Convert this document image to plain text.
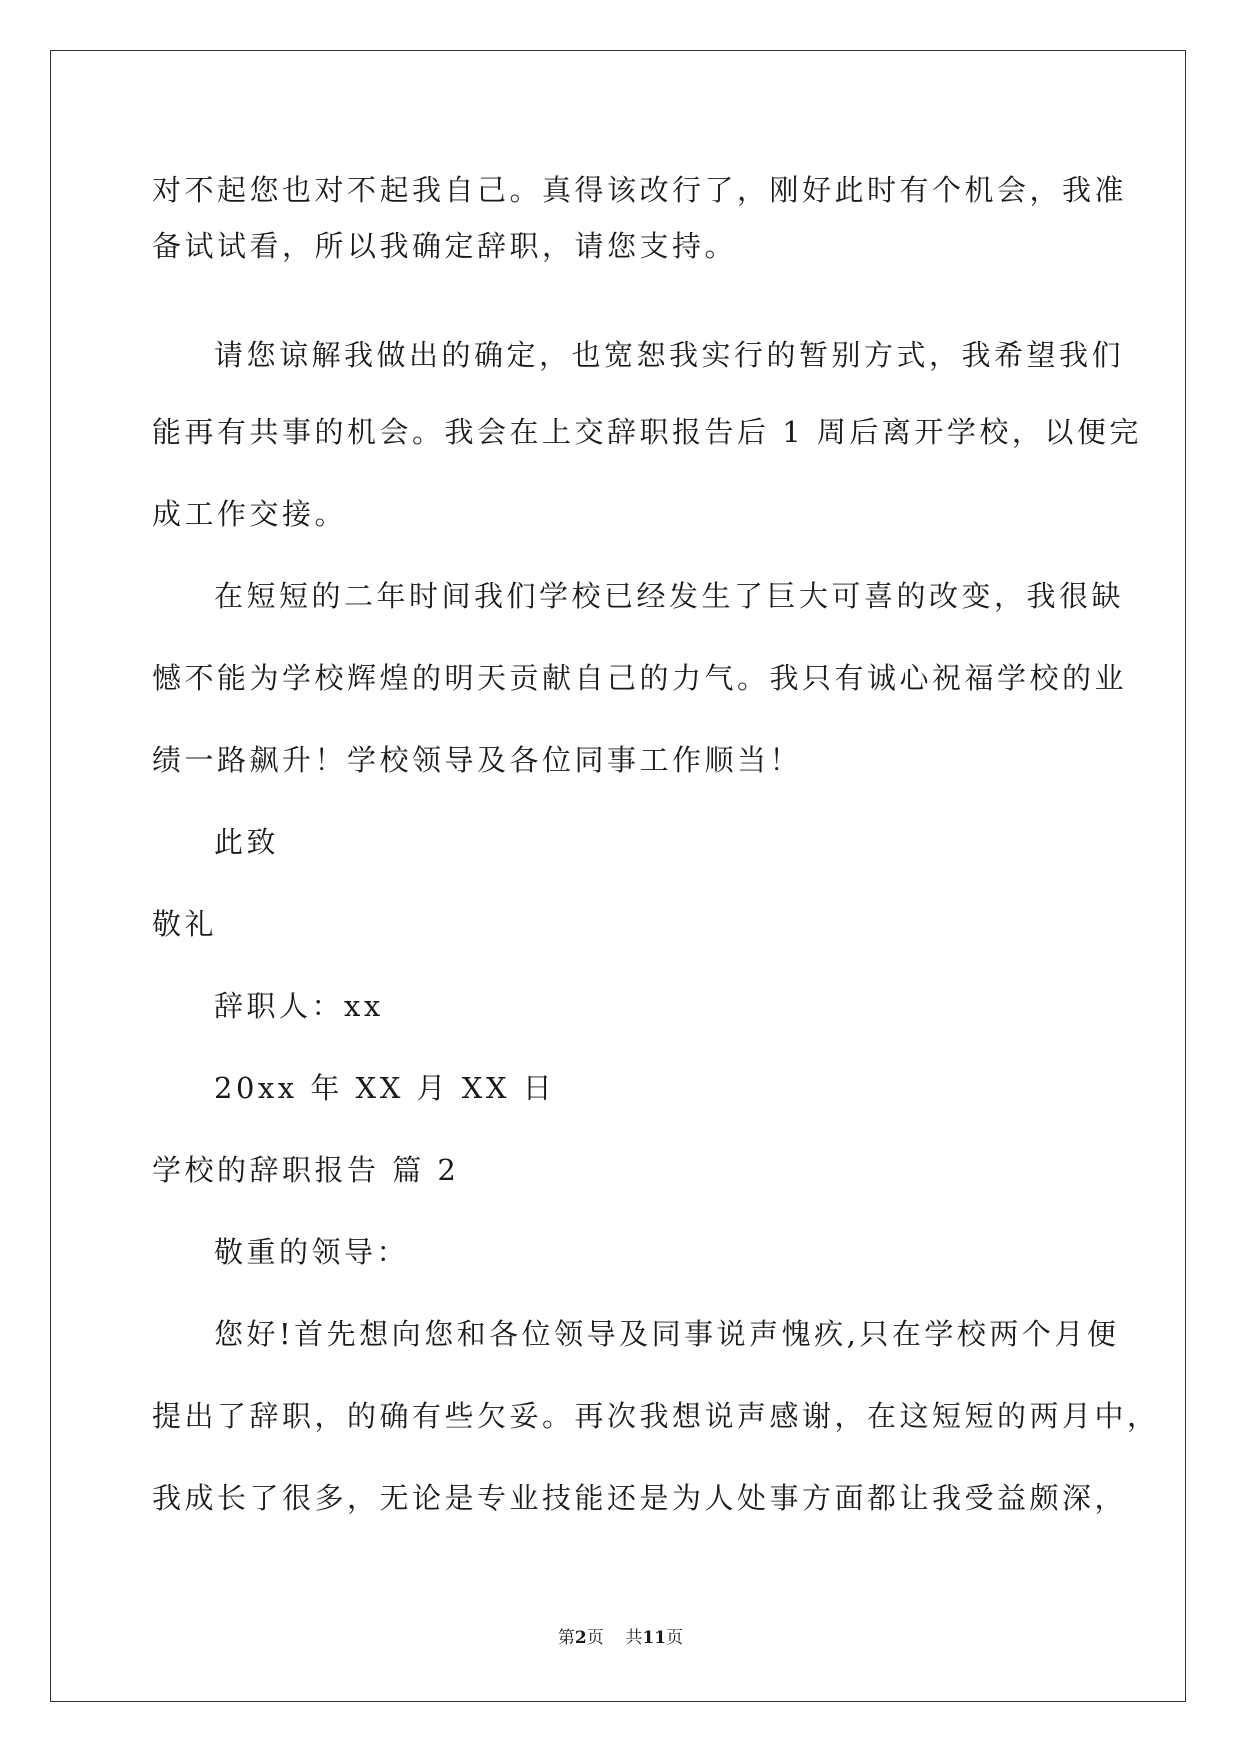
对不起您也对不起我自己。真得该改行了，刚好此时有个机会，我准
备试试看，所以我确定辞职，请您支持。
请您谅解我做出的确定，也宽恕我实行的暂别方式，我希望我们
能再有共事的机会。我会在上交辞职报告后 1 周后离开学校，以便完
成工作交接。
在短短的二年时间我们学校已经发生了巨大可喜的改变，我很缺
憾不能为学校辉煌的明天贡献自己的力气。我只有诚心祝福学校的业
绩一路飙升！学校领导及各位同事工作顺当！
此致
敬礼
辞职人：xx
20xx 年 XX 月 XX 日
学校的辞职报告 篇 2
敬重的领导：
您好!首先想向您和各位领导及同事说声愧疚,只在学校两个月便
提出了辞职，的确有些欠妥。再次我想说声感谢，在这短短的两月中，
我成长了很多，无论是专业技能还是为人处事方面都让我受益颇深，
第2页 共11页
